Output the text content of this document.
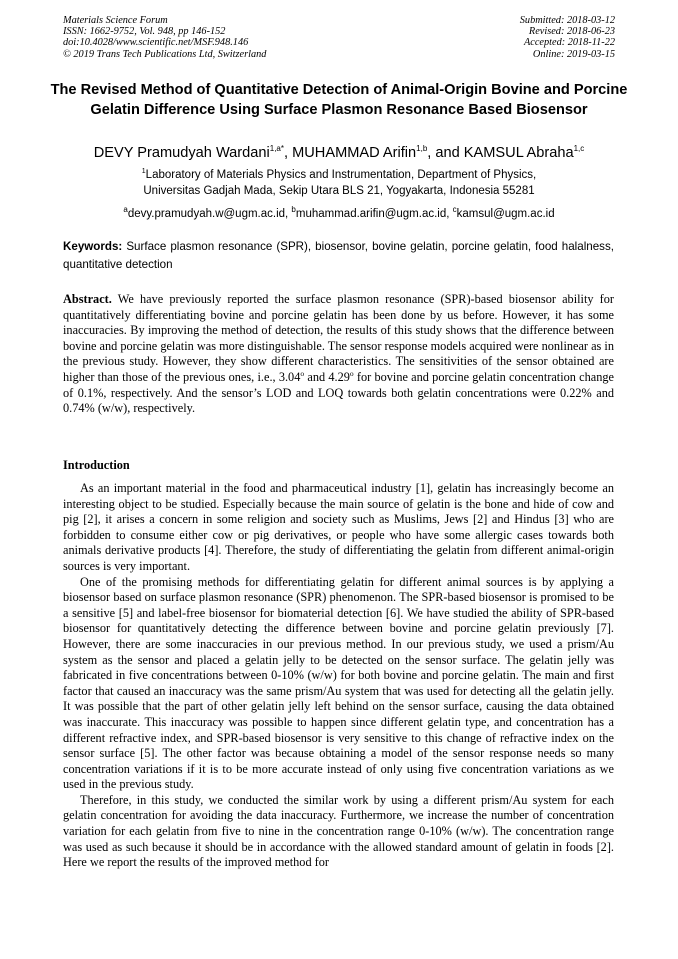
Materials Science Forum
ISSN: 1662-9752, Vol. 948, pp 146-152
doi:10.4028/www.scientific.net/MSF.948.146
© 2019 Trans Tech Publications Ltd, Switzerland
Submitted: 2018-03-12
Revised: 2018-06-23
Accepted: 2018-11-22
Online: 2019-03-15
The Revised Method of Quantitative Detection of Animal-Origin Bovine and Porcine Gelatin Difference Using Surface Plasmon Resonance Based Biosensor
DEVY Pramudyah Wardani$^{1,a*}$, MUHAMMAD Arifin$^{1,b}$, and KAMSUL Abraha$^{1,c}$
$^1$Laboratory of Materials Physics and Instrumentation, Department of Physics,
Universitas Gadjah Mada, Sekip Utara BLS 21, Yogyakarta, Indonesia 55281
$^a$devy.pramudyah.w@ugm.ac.id, $^b$muhammad.arifin@ugm.ac.id, $^c$kamsul@ugm.ac.id
Keywords: Surface plasmon resonance (SPR), biosensor, bovine gelatin, porcine gelatin, food halalness, quantitative detection
Abstract. We have previously reported the surface plasmon resonance (SPR)-based biosensor ability for quantitatively differentiating bovine and porcine gelatin has been done by us before. However, it has some inaccuracies. By improving the method of detection, the results of this study shows that the difference between bovine and porcine gelatin was more distinguishable. The sensor response models acquired were nonlinear as in the previous study. However, they show different characteristics. The sensitivities of the sensor obtained are higher than those of the previous ones, i.e., 3.04$^o$ and 4.29$^o$ for bovine and porcine gelatin concentration change of 0.1%, respectively. And the sensor’s LOD and LOQ towards both gelatin concentrations were 0.22% and 0.74% (w/w), respectively.
Introduction

As an important material in the food and pharmaceutical industry [1], gelatin has increasingly become an interesting object to be studied. Especially because the main source of gelatin is the bone and hide of cow and pig [2], it arises a concern in some religion and society such as Muslims, Jews [2] and Hindus [3] who are forbidden to consume either cow or pig derivatives, or people who have some allergic cases towards both animals derivative products [4]. Therefore, the study of differentiating the gelatin from different animal-origin sources is very important.

One of the promising methods for differentiating gelatin for different animal sources is by applying a biosensor based on surface plasmon resonance (SPR) phenomenon. The SPR-based biosensor is promised to be a sensitive [5] and label-free biosensor for biomaterial detection [6]. We have studied the ability of SPR-based biosensor for quantitatively detecting the difference between bovine and porcine gelatin previously [7]. However, there are some inaccuracies in our previous method. In our previous study, we used a prism/Au system as the sensor and placed a gelatin jelly to be detected on the sensor surface. The gelatin jelly was fabricated in five concentrations between 0-10% (w/w) for both bovine and porcine gelatin. The main and first factor that caused an inaccuracy was the same prism/Au system that was used for detecting all the gelatin jelly. It was possible that the part of other gelatin jelly left behind on the sensor surface, causing the data obtained was inaccurate. This inaccuracy was possible to happen since different gelatin type, and concentration has a different refractive index, and SPR-based biosensor is very sensitive to this change of refractive index on the sensor surface [5]. The other factor was because obtaining a model of the sensor response needs so many concentration variations if it is to be more accurate instead of only using five concentration variations as we used in the previous study.

Therefore, in this study, we conducted the similar work by using a different prism/Au system for each gelatin concentration for avoiding the data inaccuracy. Furthermore, we increase the number of concentration variation for each gelatin from five to nine in the concentration range 0-10% (w/w). The concentration range was used as such because it should be in accordance with the allowed standard amount of gelatin in foods [2]. Here we report the results of the improved method for
